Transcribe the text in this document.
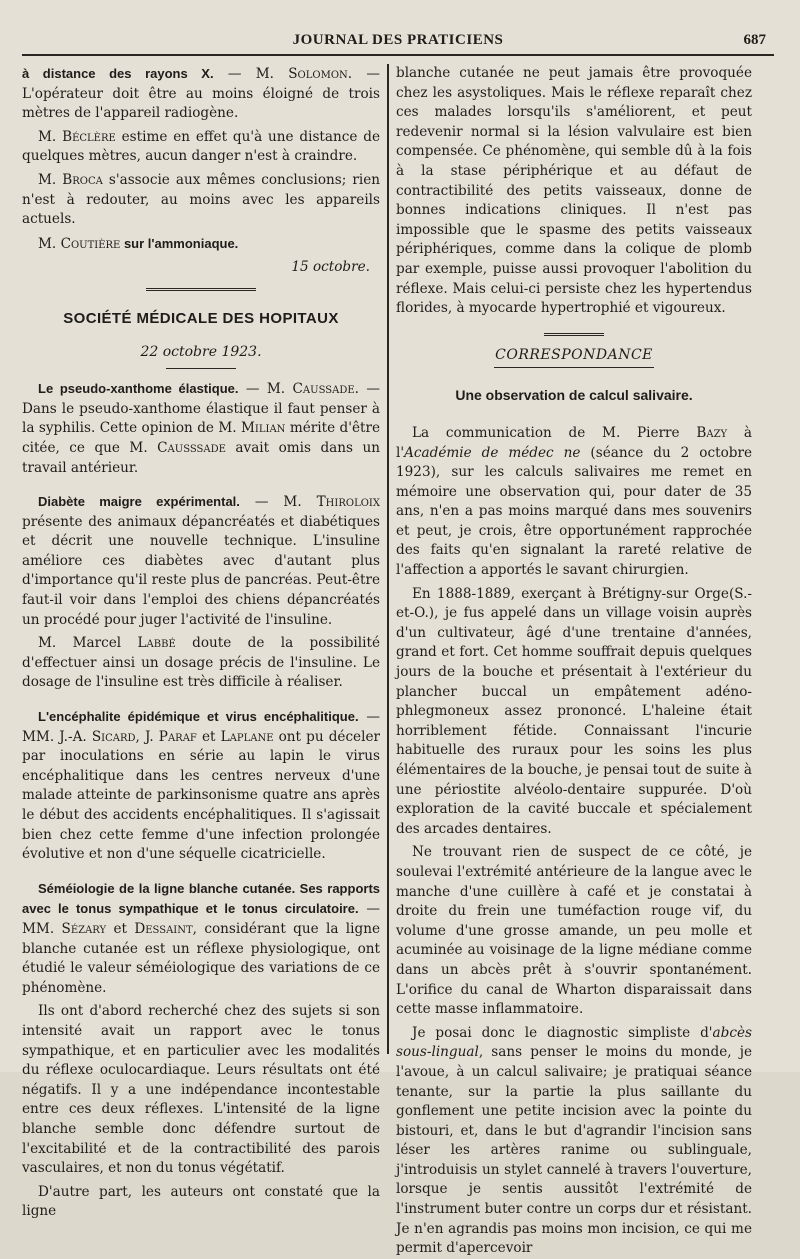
JOURNAL DES PRATICIENS	687

à distance des rayons X. — M. Solomon. — L'opérateur doit être au moins éloigné de trois mètres de l'appareil radiogène.

M. Béclère estime en effet qu'à une distance de quelques mètres, aucun danger n'est à craindre.

M. Broca s'associe aux mêmes conclusions; rien n'est à redouter, au moins avec les appareils actuels.

M. Coutière sur l'ammoniaque.

15 octobre.
SOCIÉTÉ MÉDICALE DES HOPITAUX
22 octobre 1923.

Le pseudo-xanthome élastique. — M. Caussade. — Dans le pseudo-xanthome élastique il faut penser à la syphilis. Cette opinion de M. Milian mérite d'être citée, ce que M. Causssade avait omis dans un travail antérieur.

Diabète maigre expérimental. — M. Thiroloix présente des animaux dépancréatés et diabétiques et décrit une nouvelle technique. L'insuline améliore ces diabètes avec d'autant plus d'importance qu'il reste plus de pancréas. Peut-être faut-il voir dans l'emploi des chiens dépancréatés un procédé pour juger l'activité de l'insuline.

M. Marcel Labbé doute de la possibilité d'effectuer ainsi un dosage précis de l'insuline. Le dosage de l'insuline est très difficile à réaliser.

L'encéphalite épidémique et virus encéphalitique. — MM. J.-A. Sicard, J. Paraf et Laplane ont pu déceler par inoculations en série au lapin le virus encéphalitique dans les centres nerveux d'une malade atteinte de parkinsonisme quatre ans après le début des accidents encéphalitiques. Il s'agissait bien chez cette femme d'une infection prolongée évolutive et non d'une séquelle cicatricielle.

Séméiologie de la ligne blanche cutanée. Ses rapports avec le tonus sympathique et le tonus circulatoire. — MM. Sézary et Dessaint, considérant que la ligne blanche cutanée est un réflexe physiologique, ont étudié le valeur séméiologique des variations de ce phénomène.

Ils ont d'abord recherché chez des sujets si son intensité avait un rapport avec le tonus sympathique, et en particulier avec les modalités du réflexe oculocardiaque. Leurs résultats ont été négatifs. Il y a une indépendance incontestable entre ces deux réflexes. L'intensité de la ligne blanche semble donc défendre surtout de l'excitabilité et de la contractibilité des parois vasculaires, et non du tonus végétatif.

D'autre part, les auteurs ont constaté que la ligne

blanche cutanée ne peut jamais être provoquée chez les asystoliques. Mais le réflexe reparaît chez ces malades lorsqu'ils s'améliorent, et peut redevenir normal si la lésion valvulaire est bien compensée. Ce phénomène, qui semble dû à la fois à la stase périphérique et au défaut de contractibilité des petits vaisseaux, donne de bonnes indications cliniques. Il n'est pas impossible que le spasme des petits vaisseaux périphériques, comme dans la colique de plomb par exemple, puisse aussi provoquer l'abolition du réflexe. Mais celui-ci persiste chez les hypertendus florides, à myocarde hypertrophié et vigoureux.

CORRESPONDANCE
Une observation de calcul salivaire.

La communication de M. Pierre Bazy à l'Académie de médec ne (séance du 2 octobre 1923), sur les calculs salivaires me remet en mémoire une observation qui, pour dater de 35 ans, n'en a pas moins marqué dans mes souvenirs et peut, je crois, être opportunément rapprochée des faits qu'en signalant la rareté relative de l'affection a apportés le savant chirurgien.

En 1888-1889, exerçant à Brétigny-sur Orge(S.-et-O.), je fus appelé dans un village voisin auprès d'un cultivateur, âgé d'une trentaine d'années, grand et fort. Cet homme souffrait depuis quelques jours de la bouche et présentait à l'extérieur du plancher buccal un empâtement adéno-phlegmoneux assez prononcé. L'haleine était horriblement fétide. Connaissant l'incurie habituelle des ruraux pour les soins les plus élémentaires de la bouche, je pensai tout de suite à une périostite alvéolo-dentaire suppurée. D'où exploration de la cavité buccale et spécialement des arcades dentaires.

Ne trouvant rien de suspect de ce côté, je soulevai l'extrémité antérieure de la langue avec le manche d'une cuillère à café et je constatai à droite du frein une tuméfaction rouge vif, du volume d'une grosse amande, un peu molle et acuminée au voisinage de la ligne médiane comme dans un abcès prêt à s'ouvrir spontanément. L'orifice du canal de Wharton disparaissait dans cette masse inflammatoire.

Je posai donc le diagnostic simpliste d'abcès sous-lingual, sans penser le moins du monde, je l'avoue, à un calcul salivaire; je pratiquai séance tenante, sur la partie la plus saillante du gonflement une petite incision avec la pointe du bistouri, et, dans le but d'agrandir l'incision sans léser les artères ranime ou sublinguale, j'introduisis un stylet cannelé à travers l'ouverture, lorsque je sentis aussitôt l'extrémité de l'instrument buter contre un corps dur et résistant. Je n'en agrandis pas moins mon incision, ce qui me permit d'apercevoir
